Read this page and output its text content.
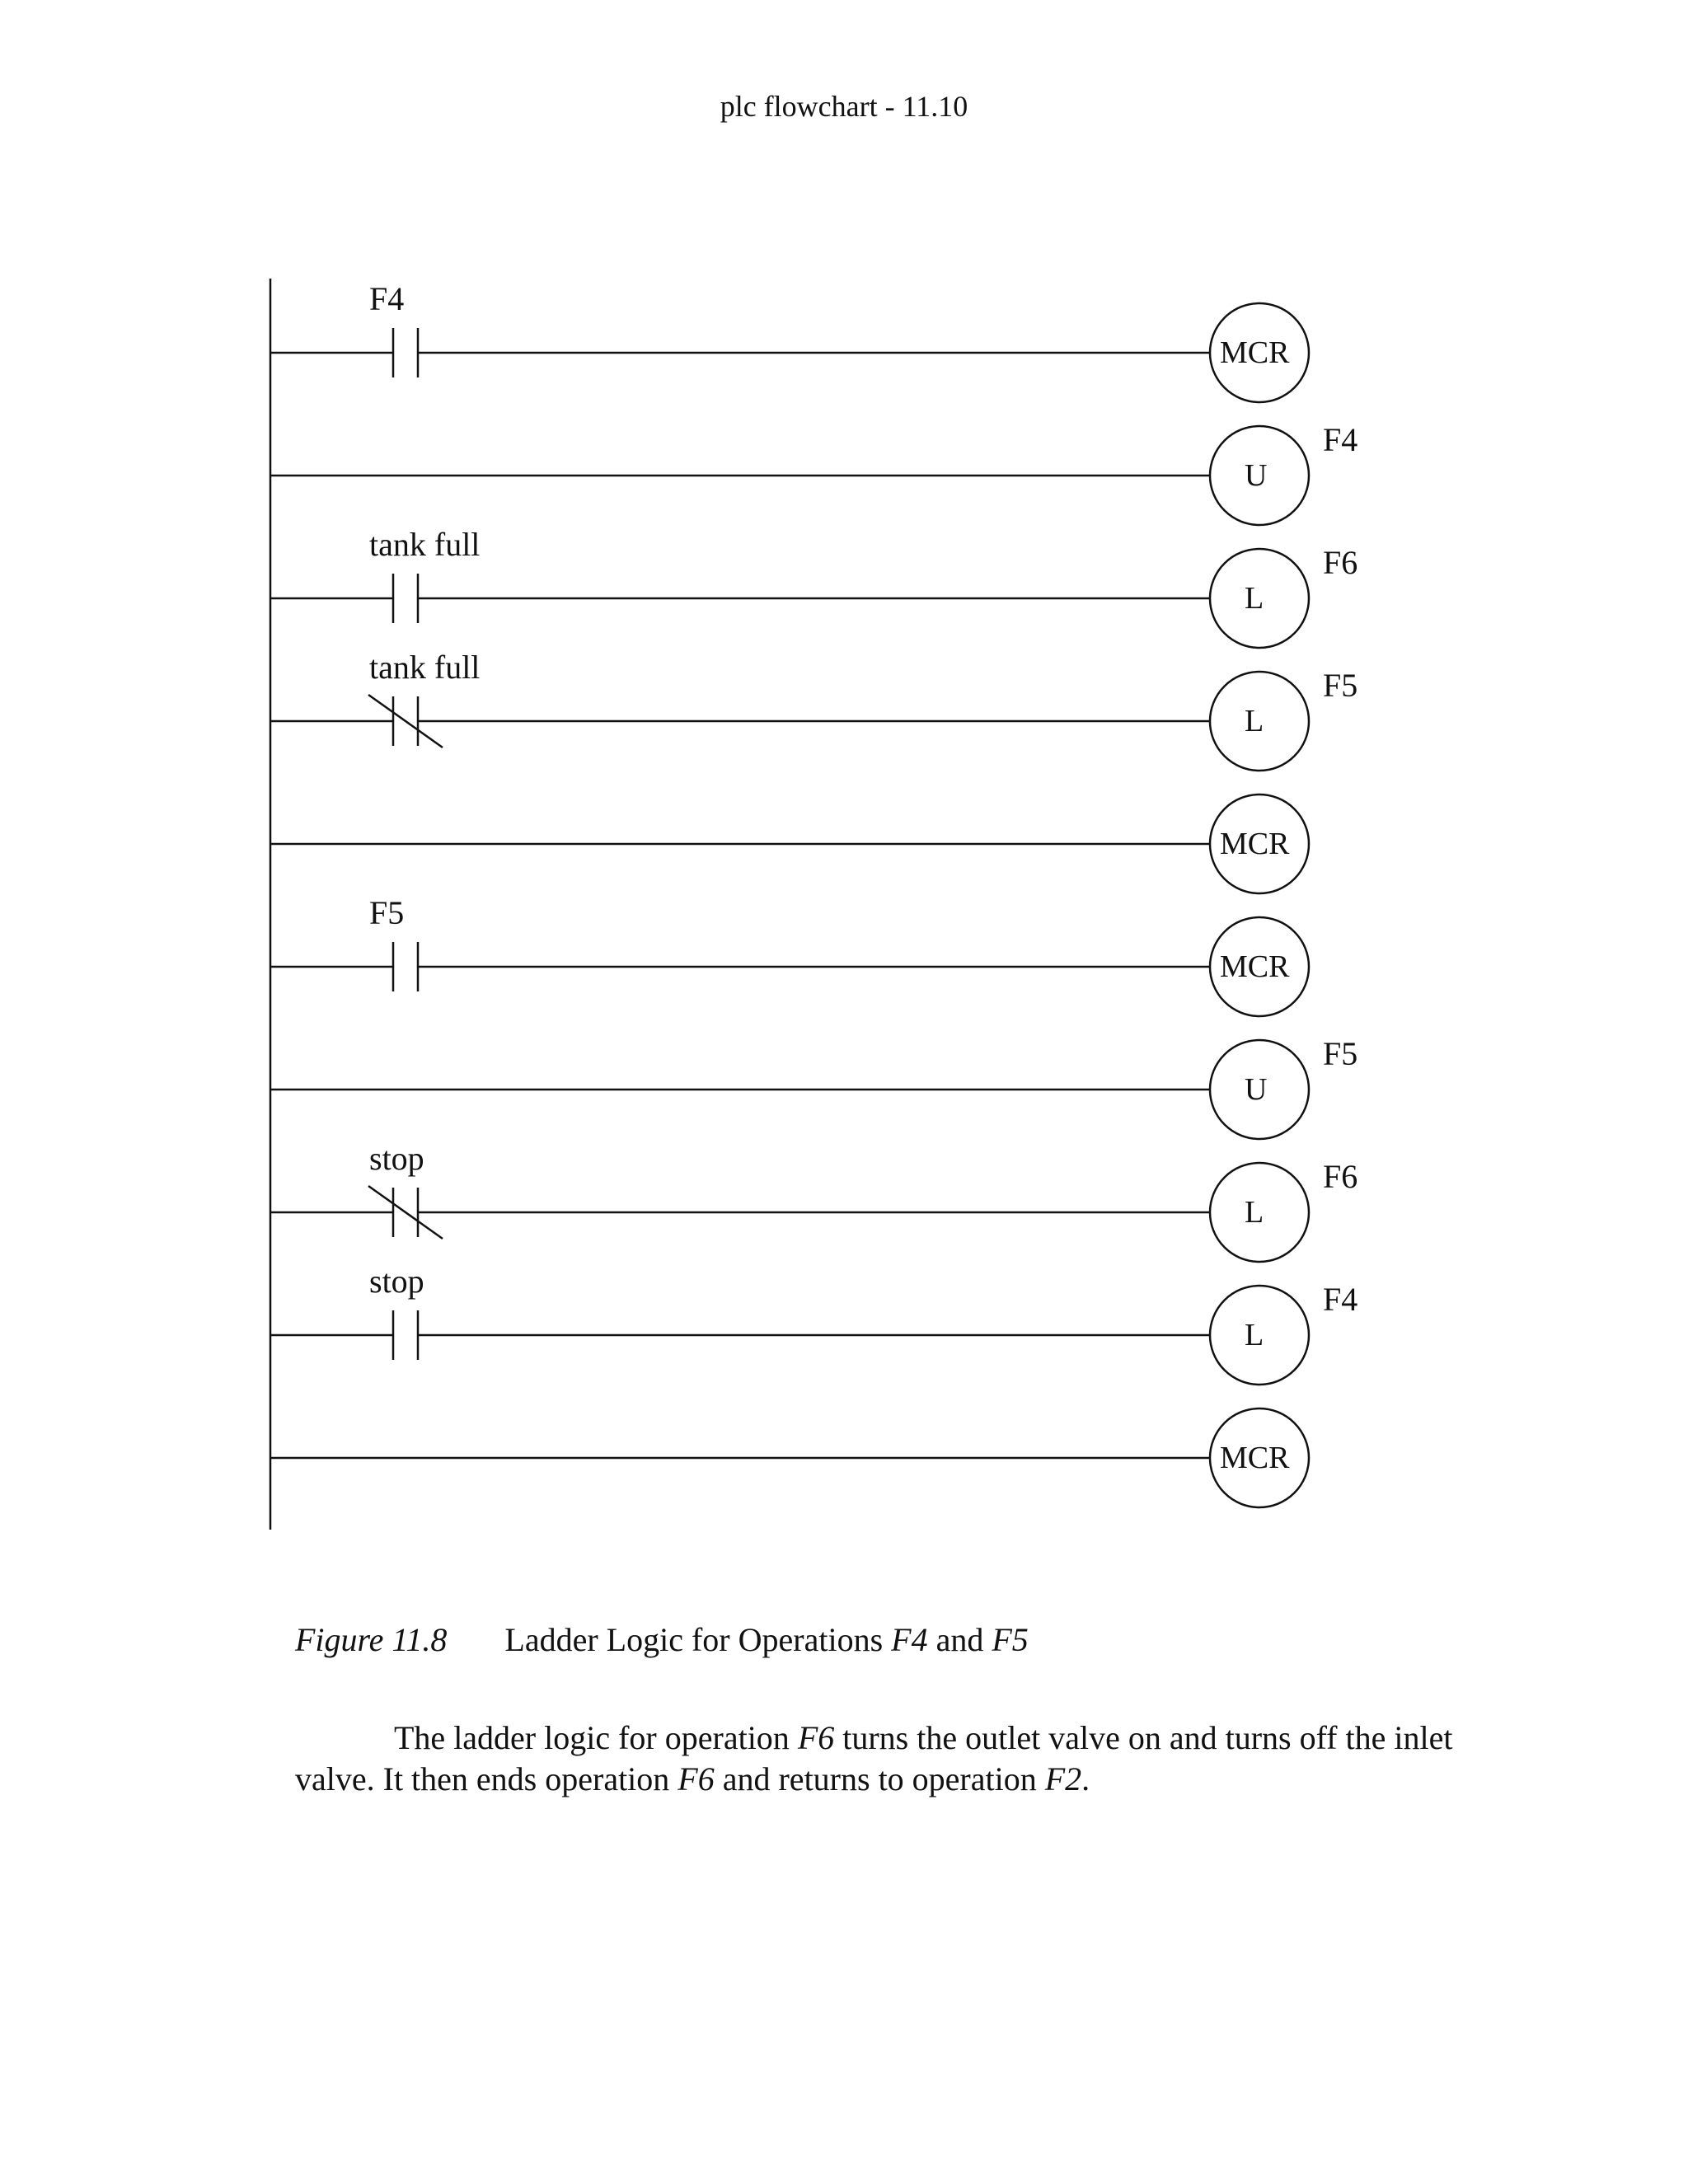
plc flowchart - 11.10
F4
MCR
U
F4
tank full
L
F6
tank full
L
F5
MCR
F5
MCR
U
F5
stop
L
F6
stop
L
F4
MCR
Figure 11.8 Ladder Logic for Operations F4 and F5
The ladder logic for operation F6 turns the outlet valve on and turns off the inlet valve. It then ends operation F6 and returns to operation F2.
